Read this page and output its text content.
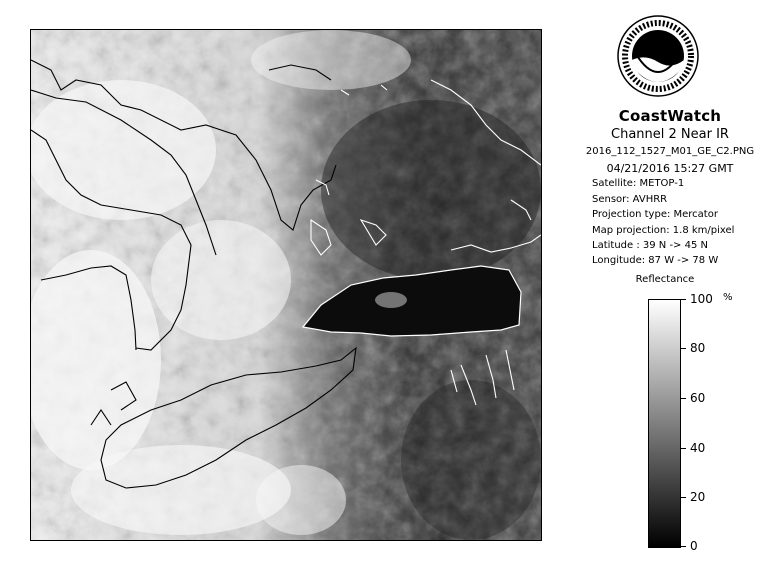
CoastWatch
Channel 2 Near IR
2016_112_1527_M01_GE_C2.PNG
04/21/2016 15:27 GMT
Satellite: METOP-1
Sensor: AVHRR
Projection type: Mercator
Map projection: 1.8 km/pixel
Latitude : 39 N -> 45 N
Longitude: 87 W -> 78 W
Reflectance
%
100
80
60
40
20
0
